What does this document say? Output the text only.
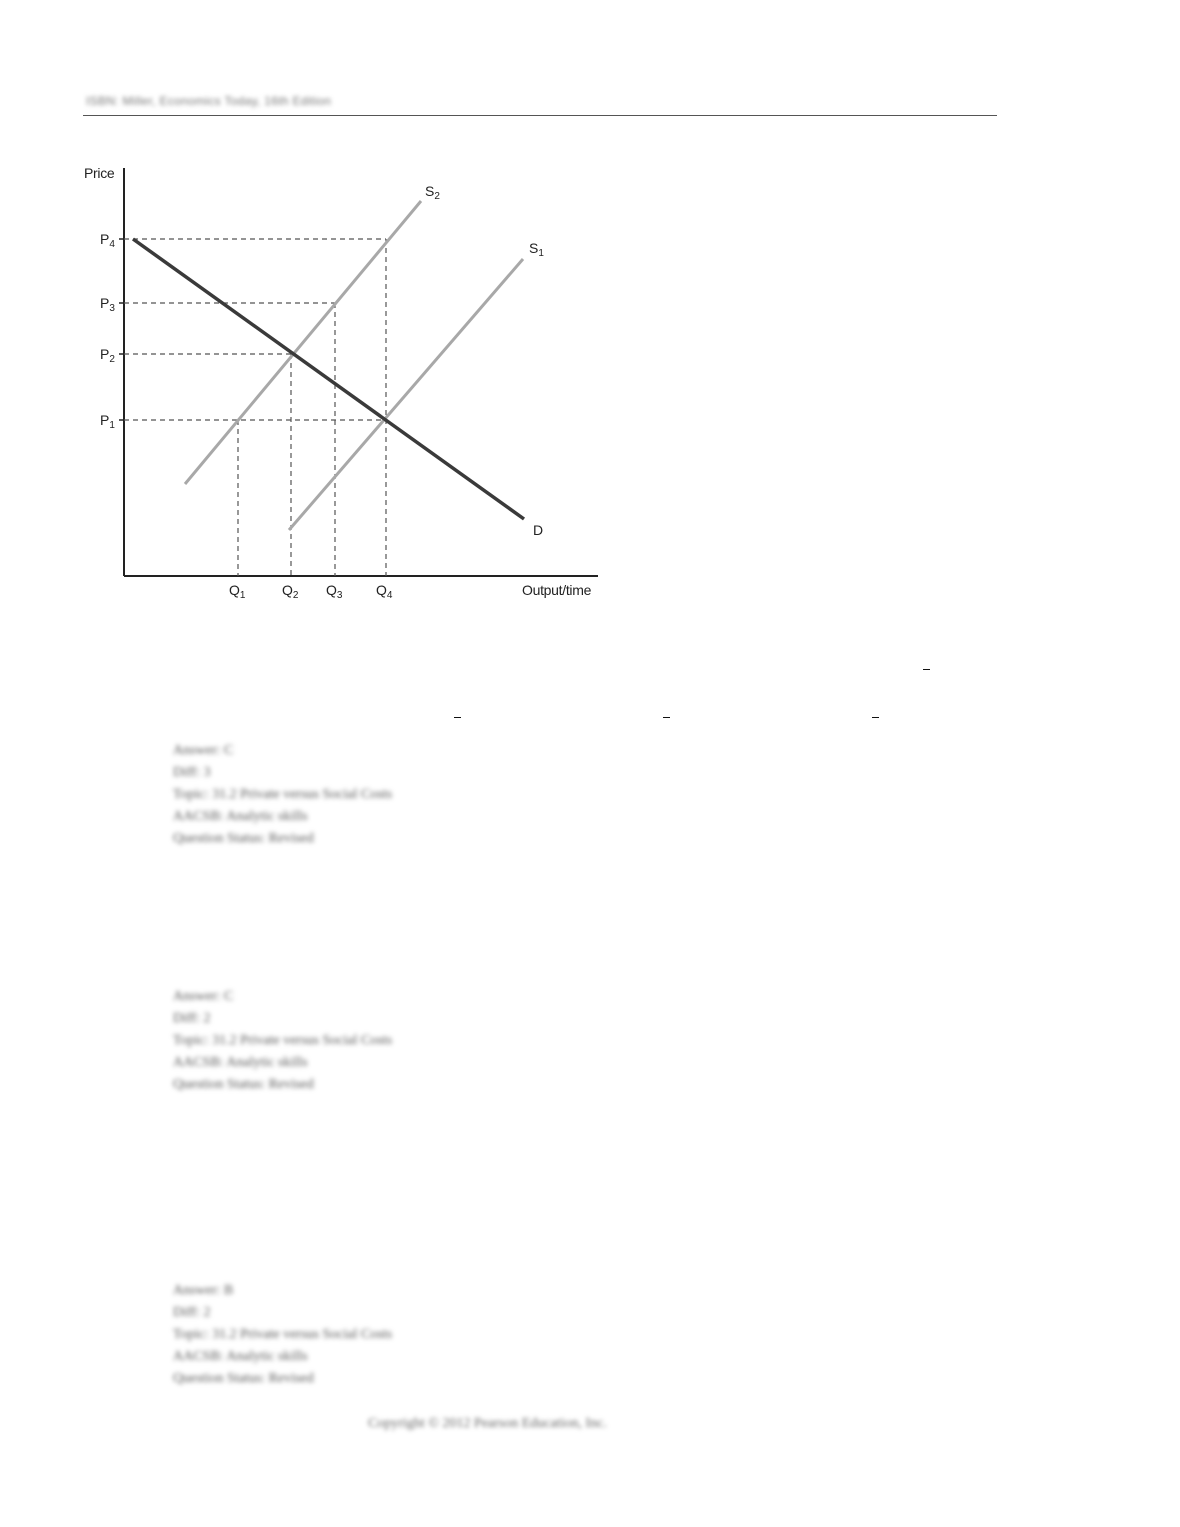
ISBN: Miller, Economics Today, 16th Edition
Price
Output/time
$P_4$
$P_3$
$P_2$
$P_1$
$Q_1$	$Q_2$ $Q_3$ $Q_4$
$S_2$
$S_1$
D
Answer: C
Diff: 3
Topic: 31.2 Private versus Social Costs
AACSB: Analytic skills
Question Status: Revised
Answer: C
Diff: 2
Topic: 31.2 Private versus Social Costs
AACSB: Analytic skills
Question Status: Revised
Answer: B
Diff: 2
Topic: 31.2 Private versus Social Costs
AACSB: Analytic skills
Question Status: Revised
Copyright © 2012 Pearson Education, Inc.
